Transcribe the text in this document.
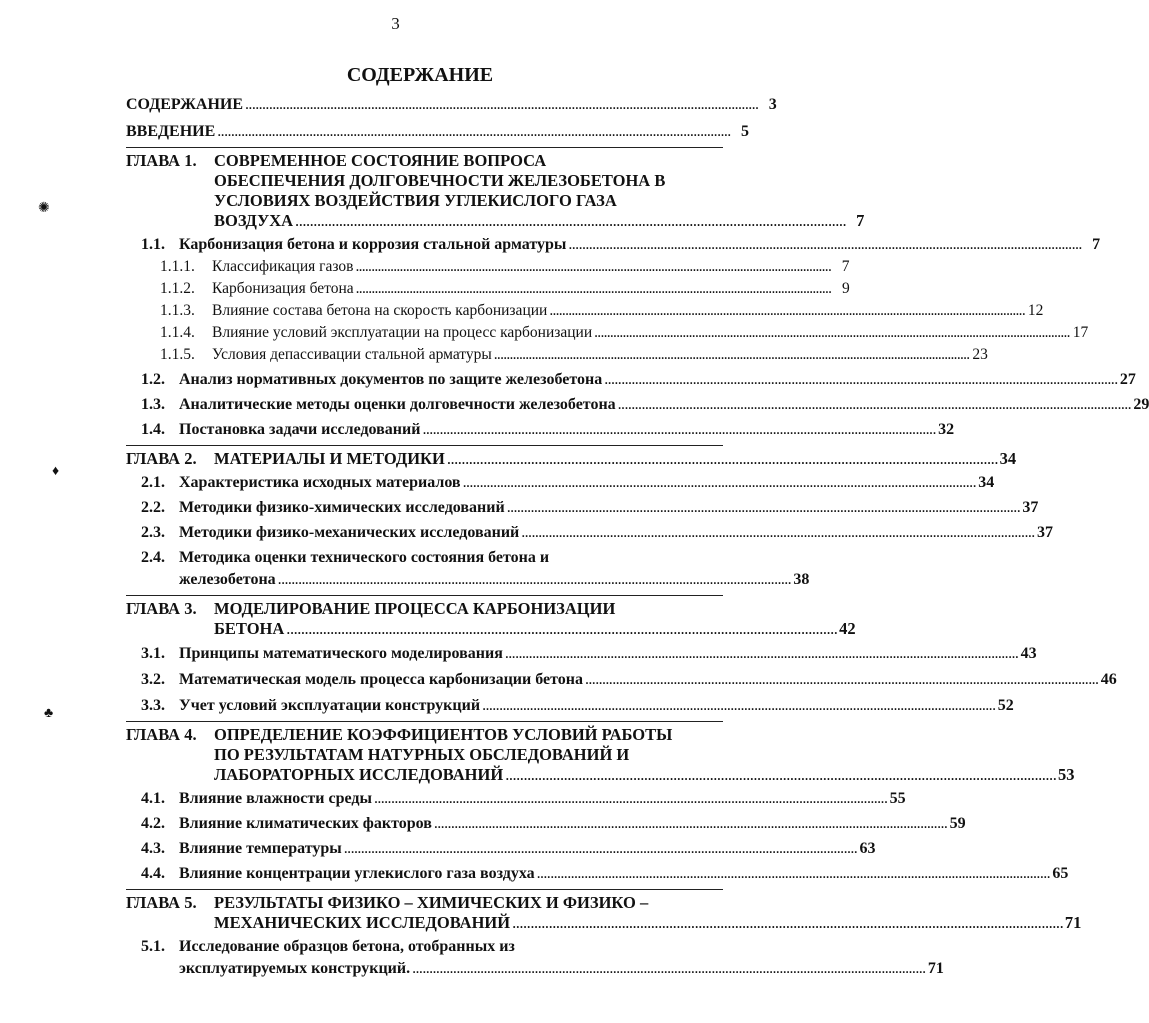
3
СОДЕРЖАНИЕ
✺
♦
♣
СОДЕРЖАНИЕ . . .	3
ВВЕДЕНИЕ . . .	5
ГЛАВА 1.	СОВРЕМЕННОЕ СОСТОЯНИЕ ВОПРОСА
ОБЕСПЕЧЕНИЯ ДОЛГОВЕЧНОСТИ ЖЕЛЕЗОБЕТОНА В
УСЛОВИЯХ ВОЗДЕЙСТВИЯ УГЛЕКИСЛОГО ГАЗА
ВОЗДУХА . . .	7
1.1. Карбонизация бетона и коррозия стальной арматуры . . .	7
1.1.1.	Классификация газов . . .	7
1.1.2.	Карбонизация бетона . . .	9
1.1.3.	Влияние состава бетона на скорость карбонизации . . .	12
1.1.4.	Влияние условий эксплуатации на процесс карбонизации . . .	17
1.1.5.	Условия депассивации стальной арматуры . . .	23
1.2. Анализ нормативных документов по защите железобетона . . .	27
1.3. Аналитические методы оценки долговечности железобетона . . .	29
1.4. Постановка задачи исследований . . .	32
ГЛАВА 2.	МАТЕРИАЛЫ И МЕТОДИКИ . . .	34
2.1. Характеристика исходных материалов . . .	34
2.2. Методики физико-химических исследований . . .	37
2.3. Методики физико-механических исследований . . .	37
2.4. Методика оценки технического состояния бетона и
железобетона . . .	38
ГЛАВА 3.	МОДЕЛИРОВАНИЕ ПРОЦЕССА КАРБОНИЗАЦИИ
БЕТОНА . . .	42
3.1. Принципы математического моделирования . . .	43
3.2. Математическая модель процесса карбонизации бетона . . .	46
3.3. Учет условий эксплуатации конструкций . . .	52
ГЛАВА 4.	ОПРЕДЕЛЕНИЕ КОЭФФИЦИЕНТОВ УСЛОВИЙ РАБОТЫ
ПО РЕЗУЛЬТАТАМ НАТУРНЫХ ОБСЛЕДОВАНИЙ И
ЛАБОРАТОРНЫХ ИССЛЕДОВАНИЙ . . .	53
4.1. Влияние влажности среды . . .	55
4.2. Влияние климатических факторов . . .	59
4.3. Влияние температуры . . .	63
4.4. Влияние концентрации углекислого газа воздуха . . .	65
ГЛАВА 5.	РЕЗУЛЬТАТЫ ФИЗИКО – ХИМИЧЕСКИХ И ФИЗИКО –
МЕХАНИЧЕСКИХ ИССЛЕДОВАНИЙ . . .	71
5.1. Исследование образцов бетона, отобранных из
эксплуатируемых конструкций. . . .	71
